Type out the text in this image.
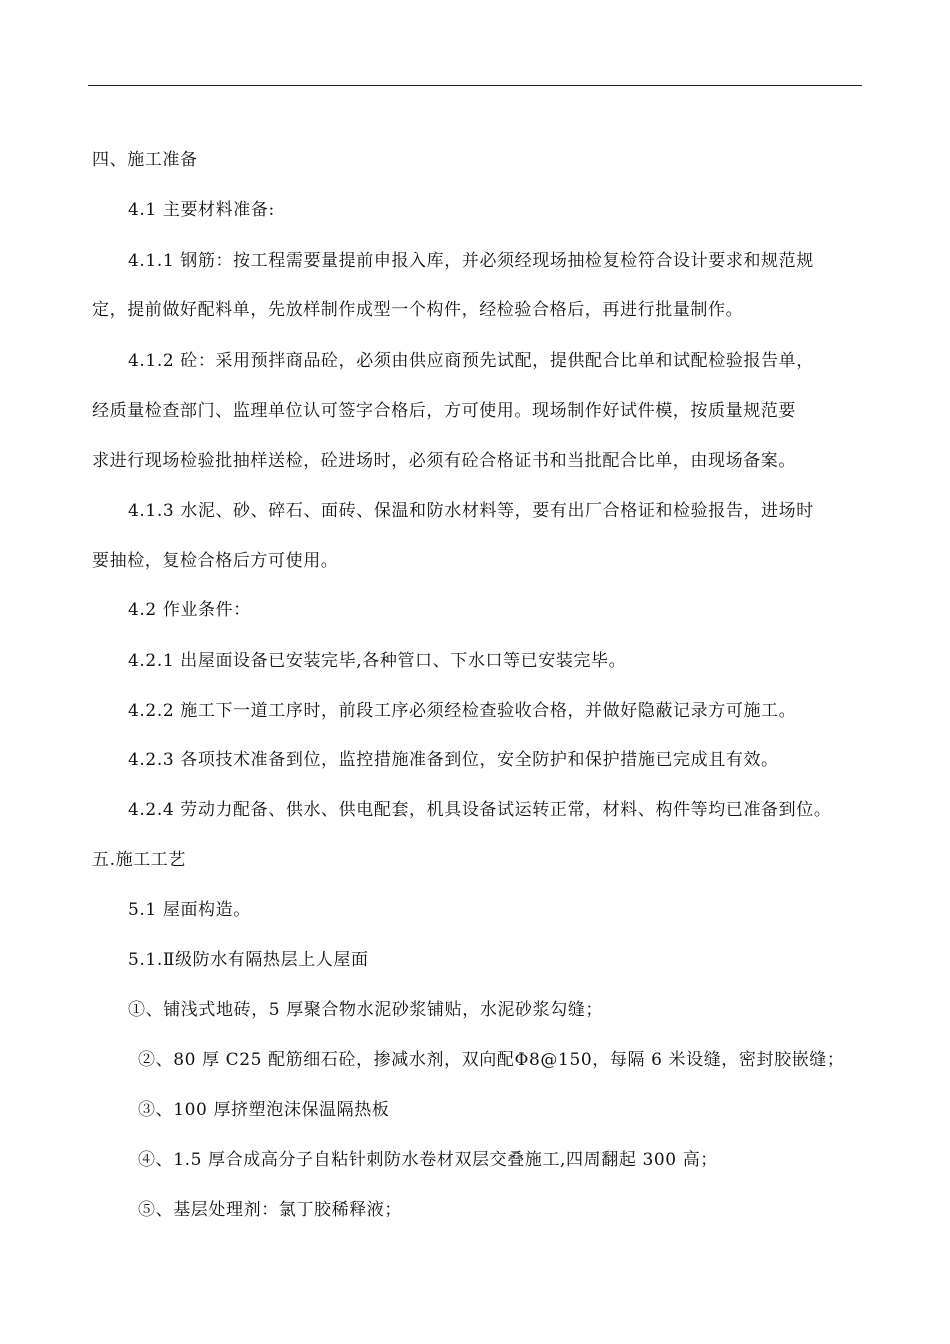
四、施工准备
4.1 主要材料准备:
4.1.1 钢筋：按工程需要量提前申报入库，并必须经现场抽检复检符合设计要求和规范规
定，提前做好配料单，先放样制作成型一个构件，经检验合格后，再进行批量制作。
4.1.2 砼：采用预拌商品砼，必须由供应商预先试配，提供配合比单和试配检验报告单，
经质量检查部门、监理单位认可签字合格后，方可使用。现场制作好试件模，按质量规范要
求进行现场检验批抽样送检，砼进场时，必须有砼合格证书和当批配合比单，由现场备案。
4.1.3 水泥、砂、碎石、面砖、保温和防水材料等，要有出厂合格证和检验报告，进场时
要抽检，复检合格后方可使用。
4.2 作业条件：
4.2.1 出屋面设备已安装完毕,各种管口、下水口等已安装完毕。
4.2.2 施工下一道工序时，前段工序必须经检查验收合格，并做好隐蔽记录方可施工。
4.2.3 各项技术准备到位，监控措施准备到位，安全防护和保护措施已完成且有效。
4.2.4 劳动力配备、供水、供电配套，机具设备试运转正常，材料、构件等均已准备到位。
五.施工工艺
5.1 屋面构造。
5.1.Ⅱ级防水有隔热层上人屋面
①、铺浅式地砖，5 厚聚合物水泥砂浆铺贴，水泥砂浆勾缝；
②、80 厚 C25 配筋细石砼，掺减水剂，双向配Φ8@150，每隔 6 米设缝，密封胶嵌缝；
③、100 厚挤塑泡沫保温隔热板
④、1.5 厚合成高分子自粘针刺防水卷材双层交叠施工,四周翻起 300 高；
⑤、基层处理剂：氯丁胶稀释液；
